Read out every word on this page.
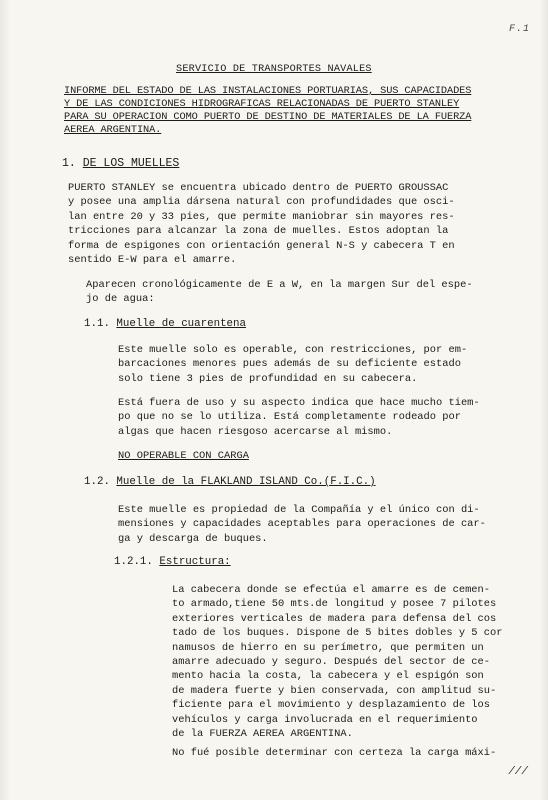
F.1
SERVICIO DE TRANSPORTES NAVALES
INFORME DEL ESTADO DE LAS INSTALACIONES PORTUARIAS, SUS CAPACIDADES
Y DE LAS CONDICIONES HIDROGRAFICAS RELACIONADAS DE PUERTO STANLEY
PARA SU OPERACION COMO PUERTO DE DESTINO DE MATERIALES DE LA FUERZA
AEREA ARGENTINA.
1. DE LOS MUELLES
PUERTO STANLEY se encuentra ubicado dentro de PUERTO GROUSSAC
y posee una amplia dársena natural con profundidades que osci-
lan entre 20 y 33 pies, que permite maniobrar sin mayores res-
tricciones para alcanzar la zona de muelles. Estos adoptan la
forma de espigones con orientación general N-S y cabecera T en
sentido E-W para el amarre.
Aparecen cronológicamente de E a W, en la margen Sur del espe-
jo de agua:
1.1. Muelle de cuarentena
Este muelle solo es operable, con restricciones, por em-
barcaciones menores pues además de su deficiente estado
solo tiene 3 pies de profundidad en su cabecera.
Está fuera de uso y su aspecto indica que hace mucho tiem-
po que no se lo utiliza. Está completamente rodeado por
algas que hacen riesgoso acercarse al mismo.
NO OPERABLE CON CARGA
1.2. Muelle de la FLAKLAND ISLAND Co.(F.I.C.)
Este muelle es propiedad de la Compañía y el único con di-
mensiones y capacidades aceptables para operaciones de car-
ga y descarga de buques.
1.2.1. Estructura:
La cabecera donde se efectúa el amarre es de cemen-
to armado,tiene 50 mts.de longitud y posee 7 pilotes
exteriores verticales de madera para defensa del cos
tado de los buques. Dispone de 5 bites dobles y 5 cor
namusos de hierro en su perímetro, que permiten un
amarre adecuado y seguro. Después del sector de ce-
mento hacia la costa, la cabecera y el espigón son
de madera fuerte y bien conservada, con amplitud su-
ficiente para el movimiento y desplazamiento de los
vehículos y carga involucrada en el requerimiento
de la FUERZA AEREA ARGENTINA.
No fué posible determinar con certeza la carga máxi-
///
